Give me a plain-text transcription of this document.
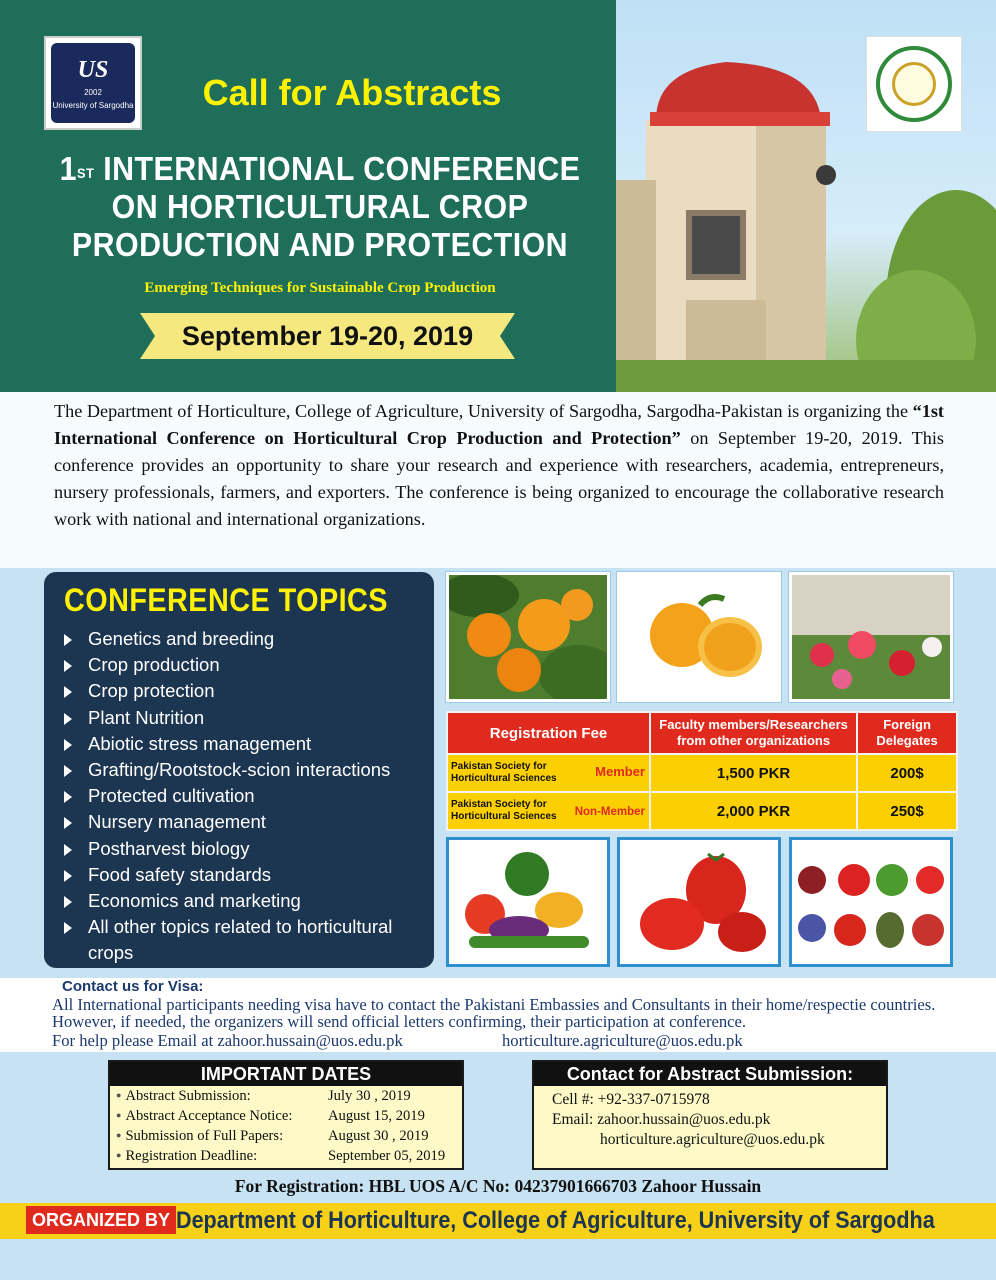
US
2002
University of Sargodha	Call for Abstracts
1ST INTERNATIONAL CONFERENCE
ON HORTICULTURAL CROP
PRODUCTION AND PROTECTION
Emerging Techniques for Sustainable Crop Production
September 19-20, 2019

The Department of Horticulture, College of Agriculture, University of Sargodha, Sargodha-Pakistan is organizing the “1st International Conference on Horticultural Crop Production and Protection” on September 19-20, 2019. This conference provides an opportunity to share your research and experience with researchers, academia, entrepreneurs, nursery professionals, farmers, and exporters. The conference is being organized to encourage the collaborative research work with national and international organizations.

CONFERENCE TOPICS
Genetics and breeding
Crop production
Crop protection
Plant Nutrition
Abiotic stress management
Grafting/Rootstock-scion interactions
Protected cultivation
Nursery management
Postharvest biology
Food safety standards
Economics and marketing
All other topics related to horticultural crops
Registration Fee	Faculty members/Researchers from other organizations	Foreign Delegates

Pakistan Society for Horticultural Sciences Member	1,500 PKR	200$

Pakistan Society for Horticultural Sciences Non-Member	2,000 PKR	250$
Contact us for Visa:
All International participants needing visa have to contact the Pakistani Embassies and Consultants in their home/respectie countries. However, if needed, the organizers will send official letters confirming, their participation at conference.
For help please Email at zahoor.hussain@uos.edu.pk	horticulture.agriculture@uos.edu.pk
IMPORTANT DATES
● Abstract Submission:	July 30 , 2019
● Abstract Acceptance Notice: August 15, 2019
● Submission of Full Papers:	August 30 , 2019
● Registration Deadline:	September 05, 2019
Contact for Abstract Submission:
Cell #: +92-337-0715978
Email: zahoor.hussain@uos.edu.pk
horticulture.agriculture@uos.edu.pk
For Registration: HBL UOS A/C No: 04237901666703 Zahoor Hussain
ORGANIZED BY Department of Horticulture, College of Agriculture, University of Sargodha
